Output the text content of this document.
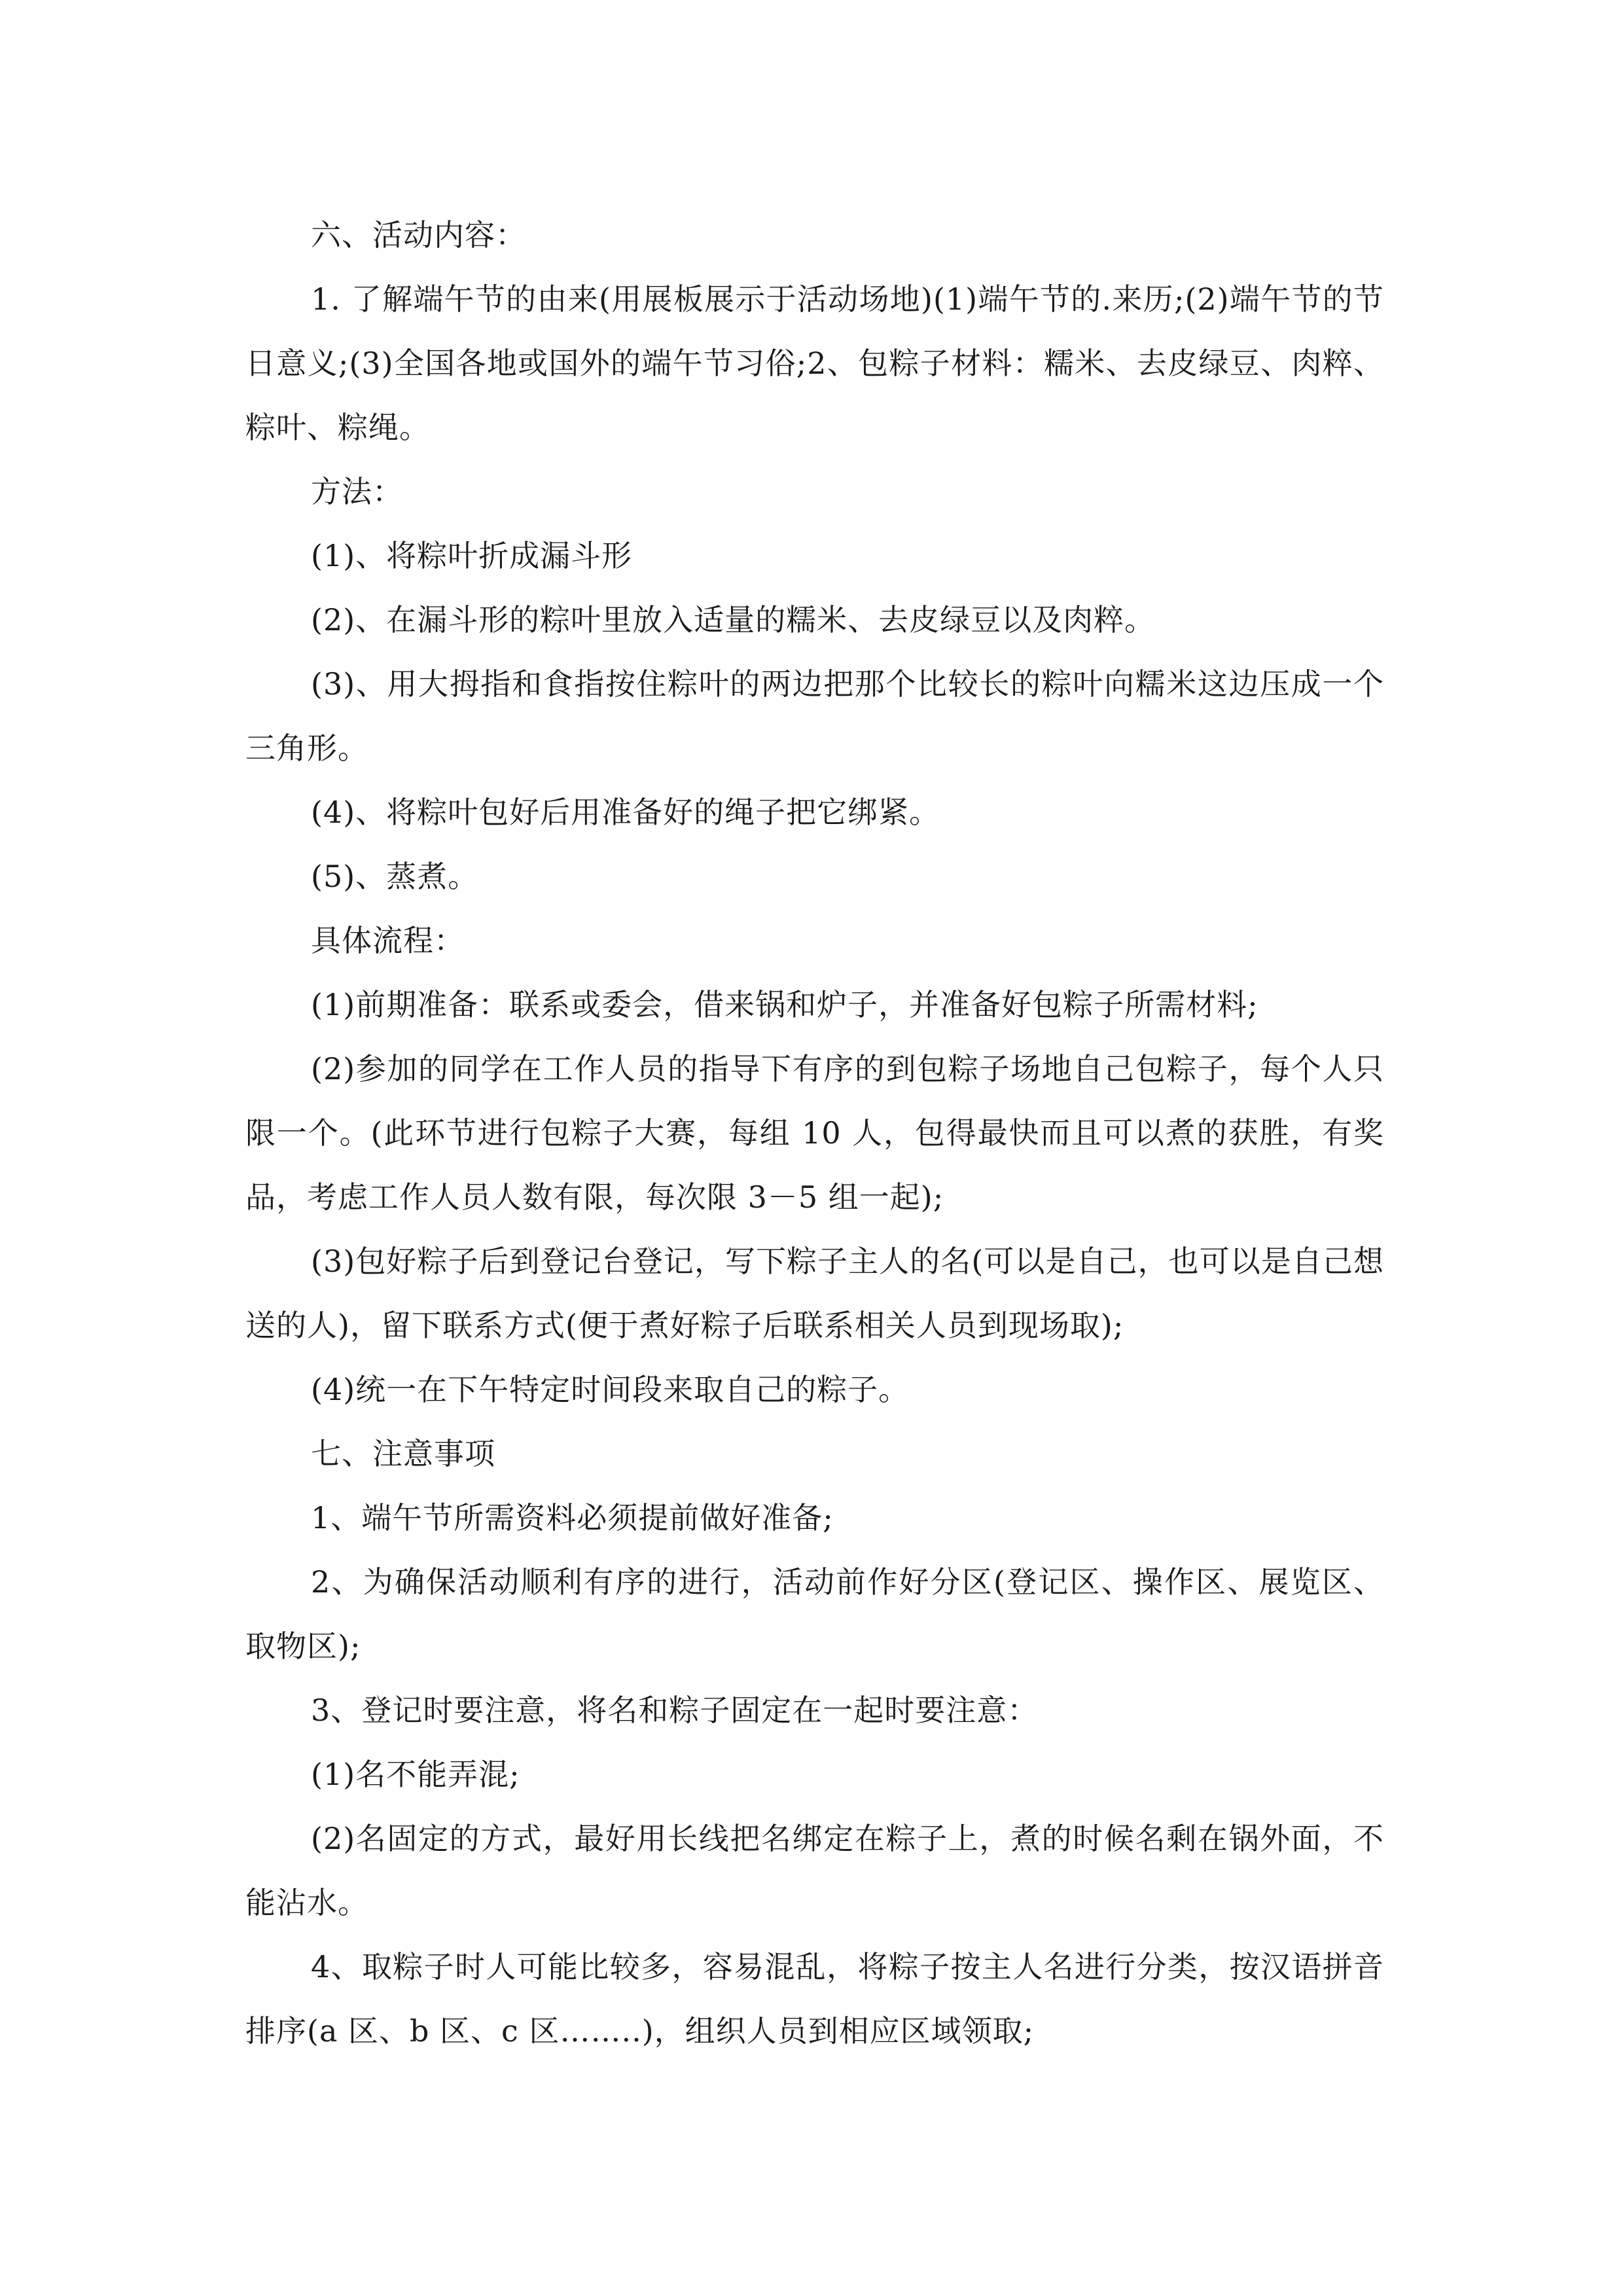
六、活动内容：

1. 了解端午节的由来(用展板展示于活动场地)(1)端午节的.来历;(2)端午节的节日意义;(3)全国各地或国外的端午节习俗;2、包粽子材料：糯米、去皮绿豆、肉粹、粽叶、粽绳。

方法：

(1)、将粽叶折成漏斗形

(2)、在漏斗形的粽叶里放入适量的糯米、去皮绿豆以及肉粹。

(3)、用大拇指和食指按住粽叶的两边把那个比较长的粽叶向糯米这边压成一个三角形。

(4)、将粽叶包好后用准备好的绳子把它绑紧。

(5)、蒸煮。

具体流程：

(1)前期准备：联系或委会，借来锅和炉子，并准备好包粽子所需材料;

(2)参加的同学在工作人员的指导下有序的到包粽子场地自己包粽子，每个人只限一个。(此环节进行包粽子大赛，每组 10 人，包得最快而且可以煮的获胜，有奖品，考虑工作人员人数有限，每次限 3－5 组一起);

(3)包好粽子后到登记台登记，写下粽子主人的名(可以是自己，也可以是自己想送的人)，留下联系方式(便于煮好粽子后联系相关人员到现场取);

(4)统一在下午特定时间段来取自己的粽子。

七、注意事项

1、端午节所需资料必须提前做好准备;

2、为确保活动顺利有序的进行，活动前作好分区(登记区、操作区、展览区、取物区);

3、登记时要注意，将名和粽子固定在一起时要注意：

(1)名不能弄混;

(2)名固定的方式，最好用长线把名绑定在粽子上，煮的时候名剩在锅外面，不能沾水。

4、取粽子时人可能比较多，容易混乱，将粽子按主人名进行分类，按汉语拼音排序(a 区、b 区、c 区……..)，组织人员到相应区域领取;
